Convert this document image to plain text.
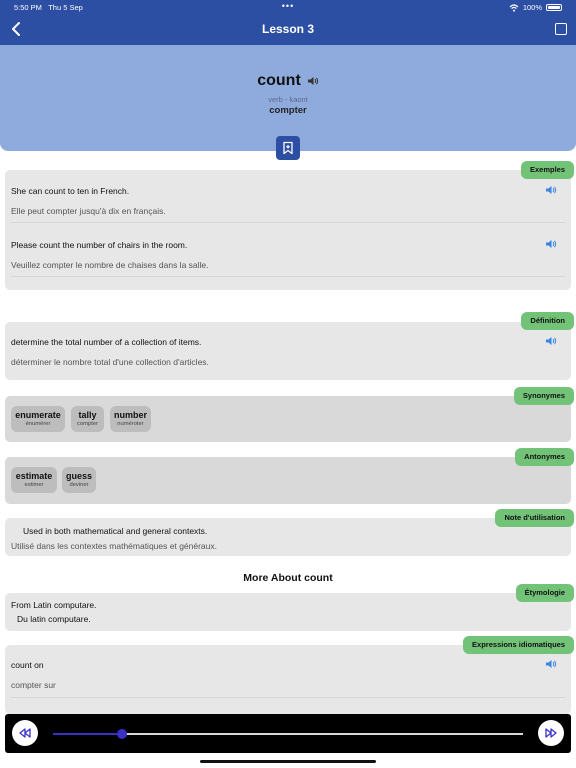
5:50 PM Thu 5 Sep	•••	100%
Lesson 3
count
verb - kaont
compter
She can count to ten in French.
Elle peut compter jusqu'à dix en français.
Please count the number of chairs in the room.
Veuillez compter le nombre de chaises dans la salle.
Exemples
determine the total number of a collection of items.
déterminer le nombre total d'une collection d'articles.
Définition
enumerate
énumérer
tally
compter
number
numéroter
Synonymes
estimate
estimer
guess
deviner
Antonymes
Used in both mathematical and general contexts.
Utilisé dans les contextes mathématiques et généraux.
Note d'utilisation
More About count
From Latin computare.
Du latin computare.
Étymologie
count on
compter sur
Expressions idiomatiques
